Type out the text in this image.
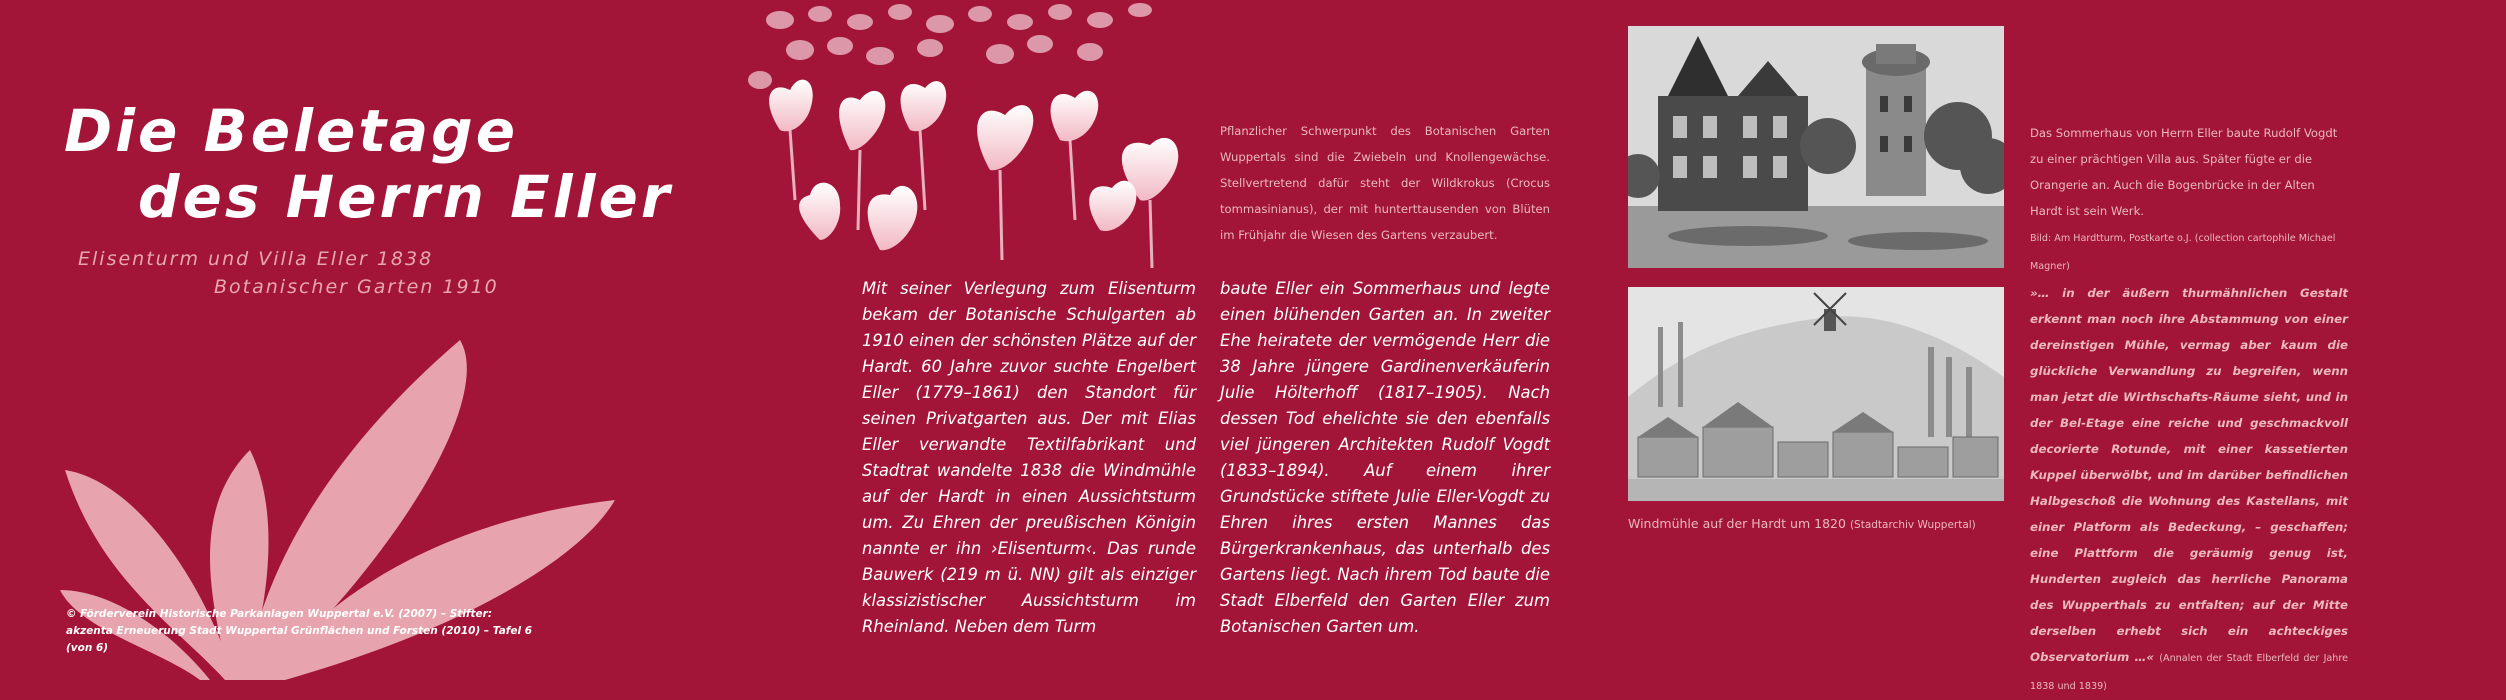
Die Beletage
des Herrn Eller
Elisenturm und Villa Eller 1838
Botanischer Garten 1910
© Förderverein Historische Parkanlagen Wuppertal e.V. (2007) – Stifter: akzenta Erneuerung Stadt Wuppertal Grünflächen und Forsten (2010) – Tafel 6 (von 6)

Pflanzlicher Schwerpunkt des Botanischen Garten Wuppertals sind die Zwiebeln und Knollengewächse. Stellvertretend dafür steht der Wildkrokus (Crocus tommasinianus), der mit hunterttausenden von Blüten im Frühjahr die Wiesen des Gartens verzaubert.

Mit seiner Verlegung zum Elisenturm bekam der Botanische Schulgarten ab 1910 einen der schönsten Plätze auf der Hardt. 60 Jahre zuvor suchte Engelbert Eller (1779–1861) den Standort für seinen Privatgarten aus. Der mit Elias Eller verwandte Textilfabrikant und Stadtrat wandelte 1838 die Windmühle auf der Hardt in einen Aussichtsturm um. Zu Ehren der preußischen Königin nannte er ihn ›Elisenturm‹. Das runde Bauwerk (219 m ü. NN) gilt als einziger klassizistischer Aussichtsturm im Rheinland. Neben dem Turm

baute Eller ein Sommerhaus und legte einen blühenden Garten an. In zweiter Ehe heiratete der vermögende Herr die 38 Jahre jüngere Gardinenverkäuferin Julie Hölterhoff (1817–1905). Nach dessen Tod ehelichte sie den ebenfalls viel jüngeren Architekten Rudolf Vogdt (1833–1894). Auf einem ihrer Grundstücke stiftete Julie Eller-Vogdt zu Ehren ihres ersten Mannes das Bürgerkrankenhaus, das unterhalb des Gartens liegt. Nach ihrem Tod baute die Stadt Elberfeld den Garten Eller zum Botanischen Garten um.

Windmühle auf der Hardt um 1820 (Stadtarchiv Wuppertal)

Das Sommerhaus von Herrn Eller baute Rudolf Vogdt zu einer prächtigen Villa aus. Später fügte er die Orangerie an. Auch die Bogenbrücke in der Alten Hardt ist sein Werk.
Bild: Am Hardtturm, Postkarte o.J. (collection cartophile Michael Magner)

»… in der äußern thurmähnlichen Gestalt erkennt man noch ihre Abstammung von einer dereinstigen Mühle, vermag aber kaum die glückliche Verwandlung zu begreifen, wenn man jetzt die Wirthschafts-Räume sieht, und in der Bel-Etage eine reiche und geschmackvoll decorierte Rotunde, mit einer kassetierten Kuppel überwölbt, und im darüber befindlichen Halbgeschoß die Wohnung des Kastellans, mit einer Platform als Bedeckung, – geschaffen; eine Plattform die geräumig genug ist, Hunderten zugleich das herrliche Panorama des Wupperthals zu entfalten; auf der Mitte derselben erhebt sich ein achteckiges Observatorium …« (Annalen der Stadt Elberfeld der Jahre 1838 und 1839)
